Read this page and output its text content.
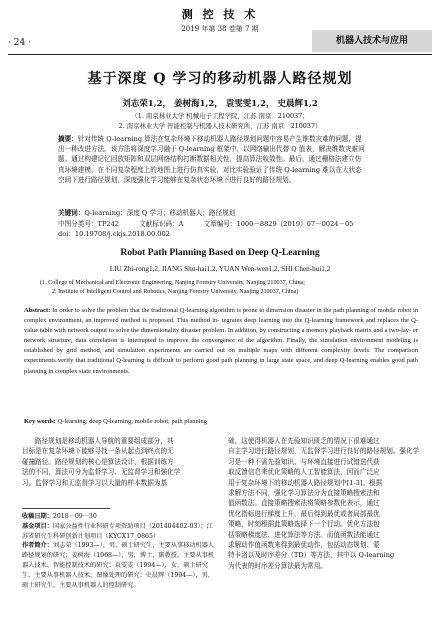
· 24 ·
测 控 技 术
2019 年第 38 卷第 7 期
机器人技术与应用
基于深度 Q 学习的移动机器人路径规划
刘志荣1,2， 姜树海1,2， 袁雯雯1,2， 史晨辉1,2
（1. 南京林业大学 机械电子工程学院，江苏 南京　210037；
2. 南京林业大学 智能控制与机器人技术研究所，江苏 南京　210037）

摘要：针对传统 Q-learning 算法在复杂环境下移动机器人路径规划问题中容易产生维数灾难的问题，提

出一种改进方法。该方法将深度学习融于 Q-learning 框架中，以网络输出代替 Q 值表，解决维数灾难问

题。通过构建记忆回放矩阵和双层网络结构打断数据相关性，提高算法收敛性。最后，通过栅格法建立仿

真环境建模，在不同复杂程度上的地图上进行仿真实验，对比实验验证了传统 Q-learning 难以在大状态

空间下进行路径规划，深度强化学习能够在复杂状态环境下进行良好的路径规划。

关键词：Q-learning；深度 Q 学习；移动机器人；路径规划
中图分类号：TP242	文献标识码：A	文章编号：1000－8829（2019）07－0024－05
doi：10.19708/j.ckjs.2018.00.002
Robot Path Planning Based on Deep Q-Learning
LIU Zhi-rong1,2, JIANG Shu-hai1,2, YUAN Wen-wen1,2, SHI Chen-hui1,2
(1. College of Mechanical and Electronic Engineering, Nanjing Forestry University, Nanjing 210037, China;
2. Institute of Intelligent Control and Robotics, Nanjing Forestry University, Nanjing 210037, China)
Abstract: In order to solve the problem that the traditional Q-learning algorithm is prone to dimension disaster in the path planning of mobile robot in complex environment, an improved method is proposed. This method in- tegrates deep learning into the Q-learning framework and replaces the Q-value table with network output to solve the dimensionality disaster problem. In addition, by constructing a memory playback matrix and a two-lay- er network structure, data correlation is interrupted to improve the convergence of the algorithm. Finally, the simulation environment modeling is established by grid method, and simulation experiments are carried out on multiple maps with different complexity levels. The comparison experiments verify that traditional Q-learning is difficult to perform good path planning in large state space, and deep Q-learning enables good path planning in complex state environments.
Key words: Q-learning; deep Q-learning; mobile robot; path planning

路径规划是移动机器人导航的重要组成部分，其

目标是在复杂环境下能够寻找一条从起点到终点的无
碰撞路径。路径规划的核心是算法设计，根据训练方
法的不同，算法可分为监督学习、无监督学习和强化学
习。监督学习和无监督学习以大量的样本数据为基

收稿日期：2018－09－30

基金项目：国家公益性行业科研专项资助项目（201404402-03）；江苏省研究生科研创新计划项目（KYCX17_0865）

作者简介：刘志荣（1993—），男，硕士研究生，主要从事移动机器人路径规划的研究；姜树海（1968—），男，博士，副教授，主要从事机器人技术、智能控制技术的研究；袁雯雯（1994—），女，硕士研究生，主要从事机器人技术、图像处理的研究；史晨辉（1994—），男，硕士研究生，主要从事机器人的控制研究。

础，这使得机器人在先验知识匮乏的情况下很难通过
自主学习进行路径规划，无监督学习进行良好的路径规划。强化学
习是一种不需先验知识、与环境直接进行试错迭代获
取反馈信息来优化策略的人工智能算法，因而广泛应
用于复杂环境下的移动机器人路径规划中[1-3]。根据
求解方法不同，强化学习算法分为直接策略搜索法和
值函数法。直接策略搜索法将策略参数化表示，通过
优化指标进行梯度上升，最后得到最优或者局部最优
策略，时刻根据此策略选择下一个行动。优化方法包
括策略梯度法、进化算法等方法。而值函数法能通过
求解动作值函数来得到最优动作，包括动态规划、蒙
特卡洛以及时序差分（TD）等方法，其中以 Q-learning
为代表的时序差分算法最为常用。
